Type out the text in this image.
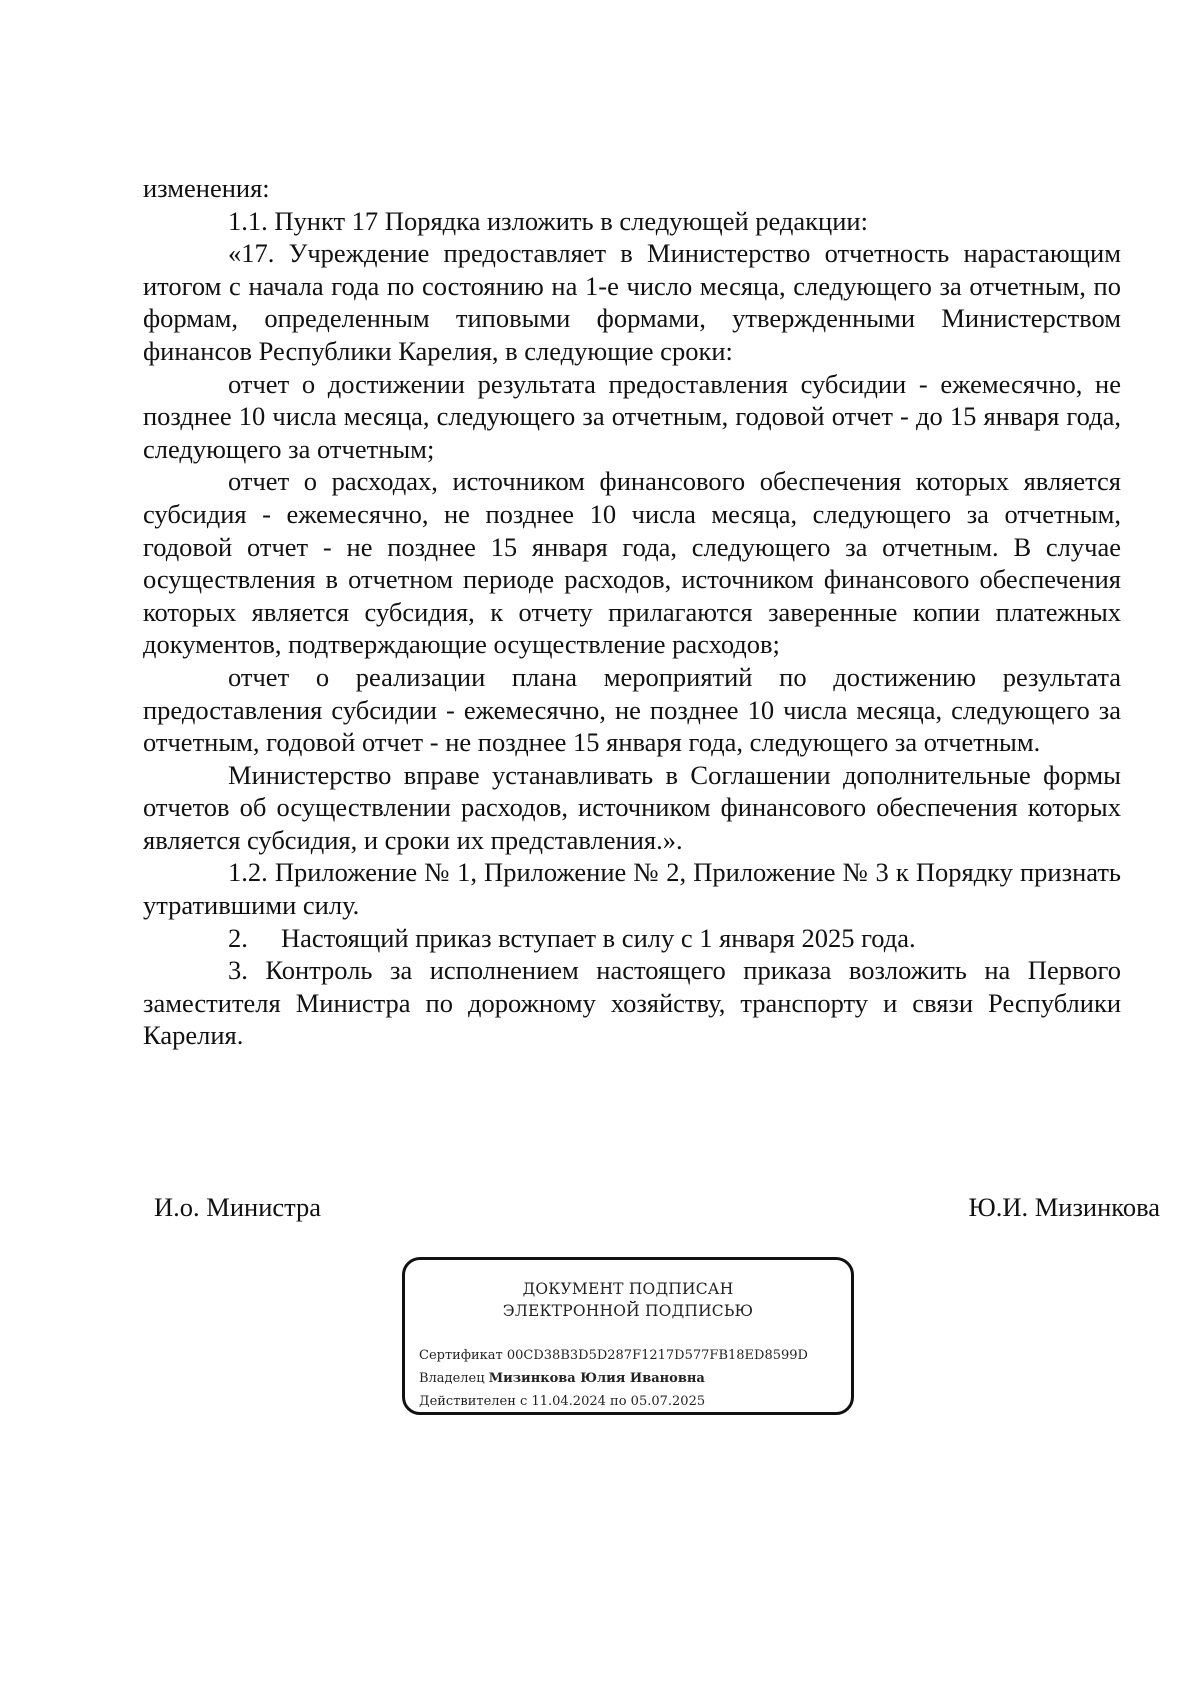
изменения:

1.1. Пункт 17 Порядка изложить в следующей редакции:

«17. Учреждение предоставляет в Министерство отчетность нарастающим итогом с начала года по состоянию на 1-е число месяца, следующего за отчетным, по формам, определенным типовыми формами, утвержденными Министерством финансов Республики Карелия, в следующие сроки:

отчет о достижении результата предоставления субсидии - ежемесячно, не позднее 10 числа месяца, следующего за отчетным, годовой отчет - до 15 января года, следующего за отчетным;

отчет о расходах, источником финансового обеспечения которых является субсидия - ежемесячно, не позднее 10 числа месяца, следующего за отчетным, годовой отчет - не позднее 15 января года, следующего за отчетным. В случае осуществления в отчетном периоде расходов, источником финансового обеспечения которых является субсидия, к отчету прилагаются заверенные копии платежных документов, подтверждающие осуществление расходов;

отчет о реализации плана мероприятий по достижению результата предоставления субсидии - ежемесячно, не позднее 10 числа месяца, следующего за отчетным, годовой отчет - не позднее 15 января года, следующего за отчетным.

Министерство вправе устанавливать в Соглашении дополнительные формы отчетов об осуществлении расходов, источником финансового обеспечения которых является субсидия, и сроки их представления.».

1.2. Приложение № 1, Приложение № 2, Приложение № 3 к Порядку признать утратившими силу.

2.     Настоящий приказ вступает в силу с 1 января 2025 года.

3. Контроль за исполнением настоящего приказа возложить на Первого заместителя Министра по дорожному хозяйству, транспорту и связи Республики Карелия.

И.о. Министра	Ю.И. Мизинкова
ДОКУМЕНТ ПОДПИСАН
ЭЛЕКТРОННОЙ ПОДПИСЬЮ
Сертификат 00CD38B3D5D287F1217D577FB18ED8599D
Владелец Мизинкова Юлия Ивановна
Действителен с 11.04.2024 по 05.07.2025
